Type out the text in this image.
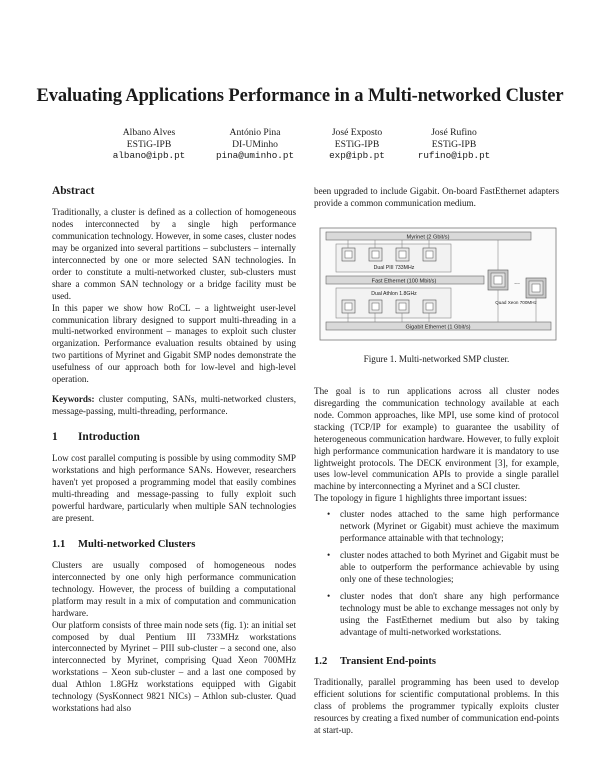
Evaluating Applications Performance in a Multi-networked Cluster
Albano Alves
ESTiG-IPB
albano@ipb.pt
António Pina
DI-UMinho
pina@uminho.pt
José Exposto
ESTiG-IPB
exp@ipb.pt
José Rufino
ESTiG-IPB
rufino@ipb.pt
Abstract

Traditionally, a cluster is defined as a collection of homogeneous nodes interconnected by a single high performance communication technology. However, in some cases, cluster nodes may be organized into several partitions – subclusters – internally interconnected by one or more selected SAN technologies. In order to constitute a multi-networked cluster, sub-clusters must share a common SAN technology or a bridge facility must be used.

In this paper we show how RoCL – a lightweight user-level communication library designed to support multi-threading in a multi-networked environment – manages to exploit such cluster organization. Performance evaluation results obtained by using two partitions of Myrinet and Gigabit SMP nodes demonstrate the usefulness of our approach both for low-level and high-level operation.

Keywords: cluster computing, SANs, multi-networked clusters, message-passing, multi-threading, performance.

1 Introduction

Low cost parallel computing is possible by using commodity SMP workstations and high performance SANs. However, researchers haven't yet proposed a programming model that easily combines multi-threading and message-passing to fully exploit such powerful hardware, particularly when multiple SAN technologies are present.

1.1 Multi-networked Clusters

Clusters are usually composed of homogeneous nodes interconnected by one only high performance communication technology. However, the process of building a computational platform may result in a mix of computation and communication hardware.

Our platform consists of three main node sets (fig. 1): an initial set composed by dual Pentium III 733MHz workstations interconnected by Myrinet – PIII sub-cluster – a second one, also interconnected by Myrinet, comprising Quad Xeon 700MHz workstations – Xeon sub-cluster – and a last one composed by dual Athlon 1.8GHz workstations equipped with Gigabit technology (SysKonnect 9821 NICs) – Athlon sub-cluster. Quad workstations had also

been upgraded to include Gigabit. On-board FastEthernet adapters provide a common communication medium.

Myrinet (2 Gbit/s)
Dual PIII 733MHz
Fast Ethernet (100 Mbit/s)
Dual Athlon 1.8GHz
...
Quad Xeon 700MHz
Gigabit Ethernet (1 Gbit/s)
Figure 1. Multi-networked SMP cluster.

The goal is to run applications across all cluster nodes disregarding the communication technology available at each node. Common approaches, like MPI, use some kind of protocol stacking (TCP/IP for example) to guarantee the usability of heterogeneous communication hardware. However, to fully exploit high performance communication hardware it is mandatory to use lightweight protocols. The DECK environment [3], for example, uses low-level communication APIs to provide a single parallel machine by interconnecting a Myrinet and a SCI cluster.

The topology in figure 1 highlights three important issues:

• cluster nodes attached to the same high performance network (Myrinet or Gigabit) must achieve the maximum performance attainable with that technology;
• cluster nodes attached to both Myrinet and Gigabit must be able to outperform the performance achievable by using only one of these technologies;
• cluster nodes that don't share any high performance technology must be able to exchange messages not only by using the FastEthernet medium but also by taking advantage of multi-networked workstations.
1.2 Transient End-points

Traditionally, parallel programming has been used to develop efficient solutions for scientific computational problems. In this class of problems the programmer typically exploits cluster resources by creating a fixed number of communication end-points at start-up.
